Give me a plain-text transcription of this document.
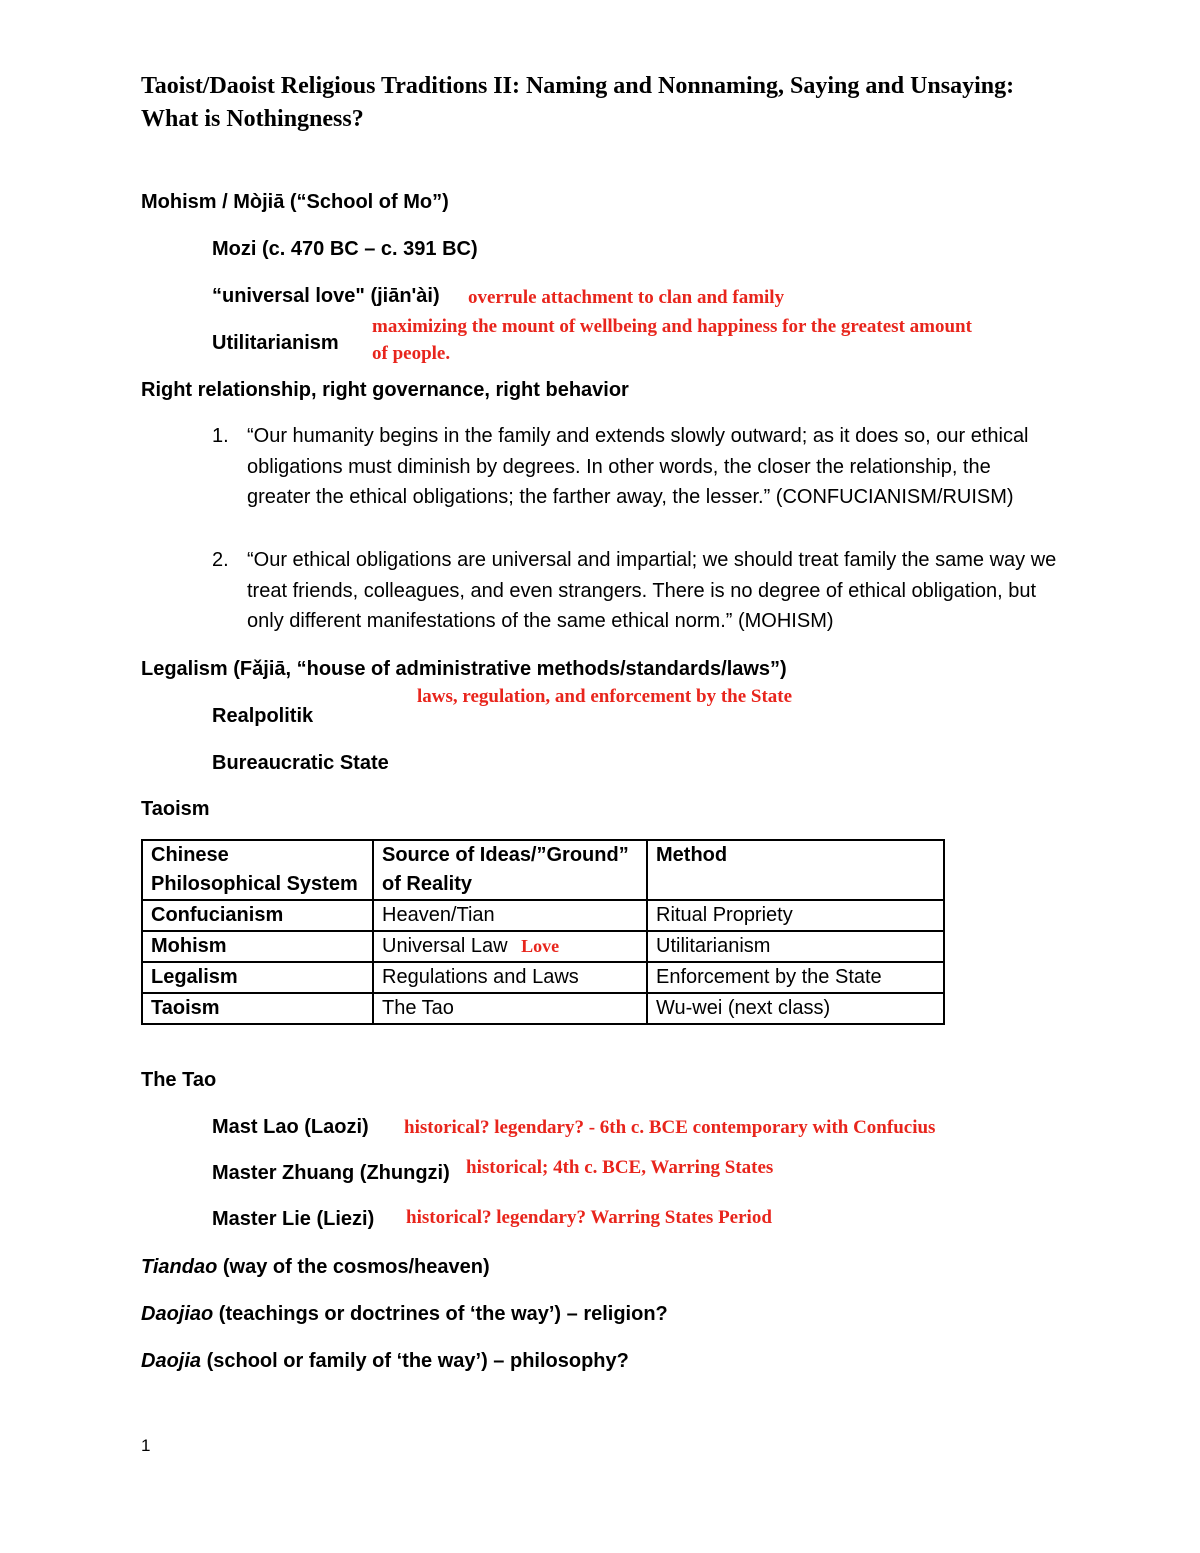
Taoist/Daoist Religious Traditions II: Naming and Nonnaming, Saying and Unsaying: What is Nothingness?
Mohism / Mòjiā (“School of Mo”)
Mozi (c. 470 BC – c. 391 BC)
“universal love" (jiān'ài) overrule attachment to clan and family
Utilitarianism
maximizing the mount of wellbeing and happiness for the greatest amount
of people.
Right relationship, right governance, right behavior
1. “Our humanity begins in the family and extends slowly outward; as it does so, our ethical obligations must diminish by degrees. In other words, the closer the relationship, the greater the ethical obligations; the farther away, the lesser.” (CONFUCIANISM/RUISM)
2. “Our ethical obligations are universal and impartial; we should treat family the same way we treat friends, colleagues, and even strangers. There is no degree of ethical obligation, but only different manifestations of the same ethical norm.” (MOHISM)
Legalism (Fǎjiā, “house of administrative methods/standards/laws”)
laws, regulation, and enforcement by the State
Realpolitik
Bureaucratic State
Taoism
Chinese Philosophical System	Source of Ideas/”Ground” of Reality	Method
Confucianism	Heaven/Tian	Ritual Propriety
Mohism	Universal Law Love	Utilitarianism
Legalism	Regulations and Laws	Enforcement by the State
Taoism	The Tao	Wu-wei (next class)
The Tao
Mast Lao (Laozi) historical? legendary? - 6th c. BCE contemporary with Confucius
Master Zhuang (Zhungzi) historical; 4th c. BCE, Warring States
Master Lie (Liezi) historical? legendary? Warring States Period
Tiandao (way of the cosmos/heaven)
Daojiao (teachings or doctrines of ‘the way’) – religion?
Daojia (school or family of ‘the way’) – philosophy?
1
